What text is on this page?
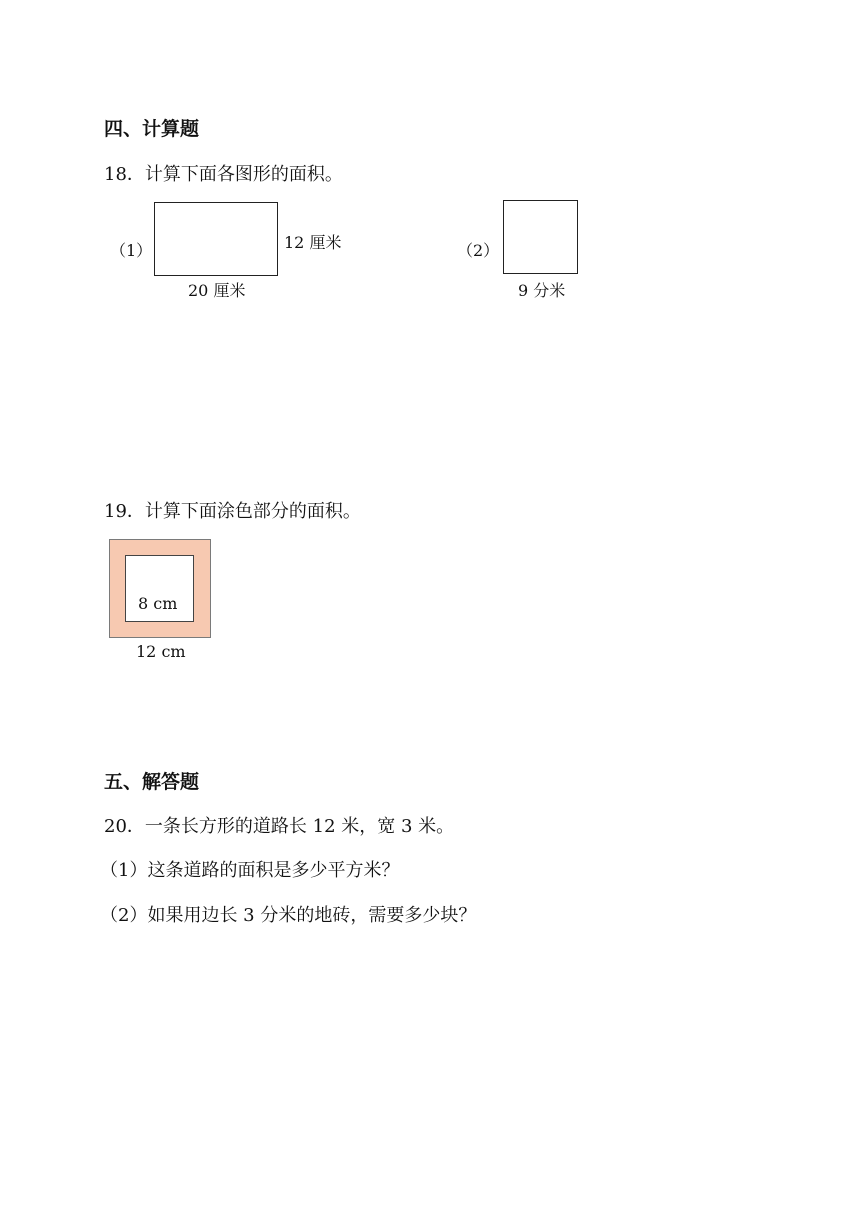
四、计算题
18．计算下面各图形的面积。
（1）	12 厘米
20 厘米
（2）
9 分米
19．计算下面涂色部分的面积。
8 cm
12 cm
五、解答题
20．一条长方形的道路长 12 米，宽 3 米。
（1）这条道路的面积是多少平方米？
（2）如果用边长 3 分米的地砖，需要多少块？
